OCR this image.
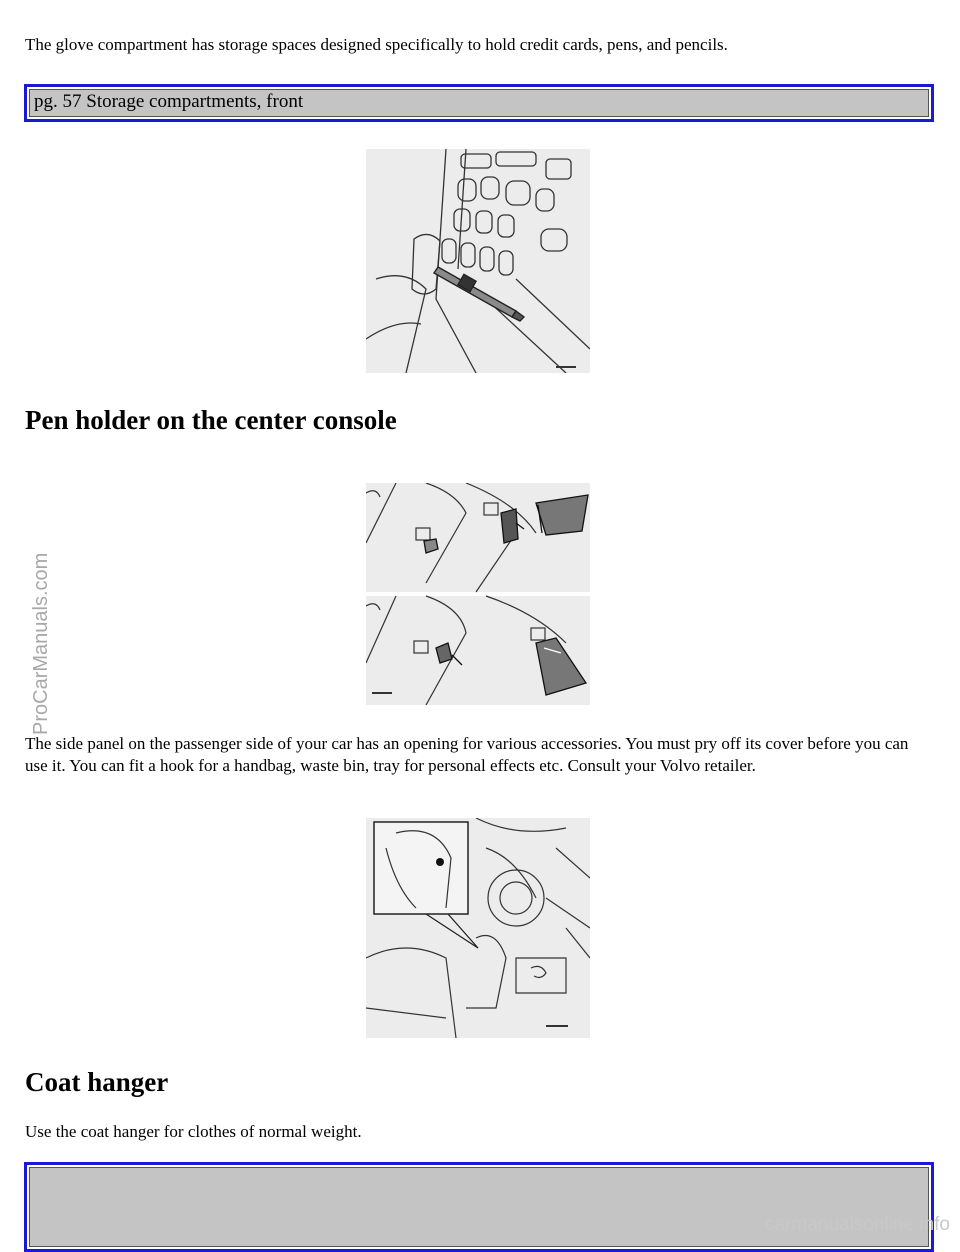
The glove compartment has storage spaces designed specifically to hold credit cards, pens, and pencils.

pg. 57 Storage compartments, front
Pen holder on the center console

The side panel on the passenger side of your car has an opening for various accessories. You must pry off its cover before you can use it. You can fit a hook for a handbag, waste bin, tray for personal effects etc. Consult your Volvo retailer.

Coat hanger

Use the coat hanger for clothes of normal weight.

ProCarManuals.com
carmanualsonline.info
